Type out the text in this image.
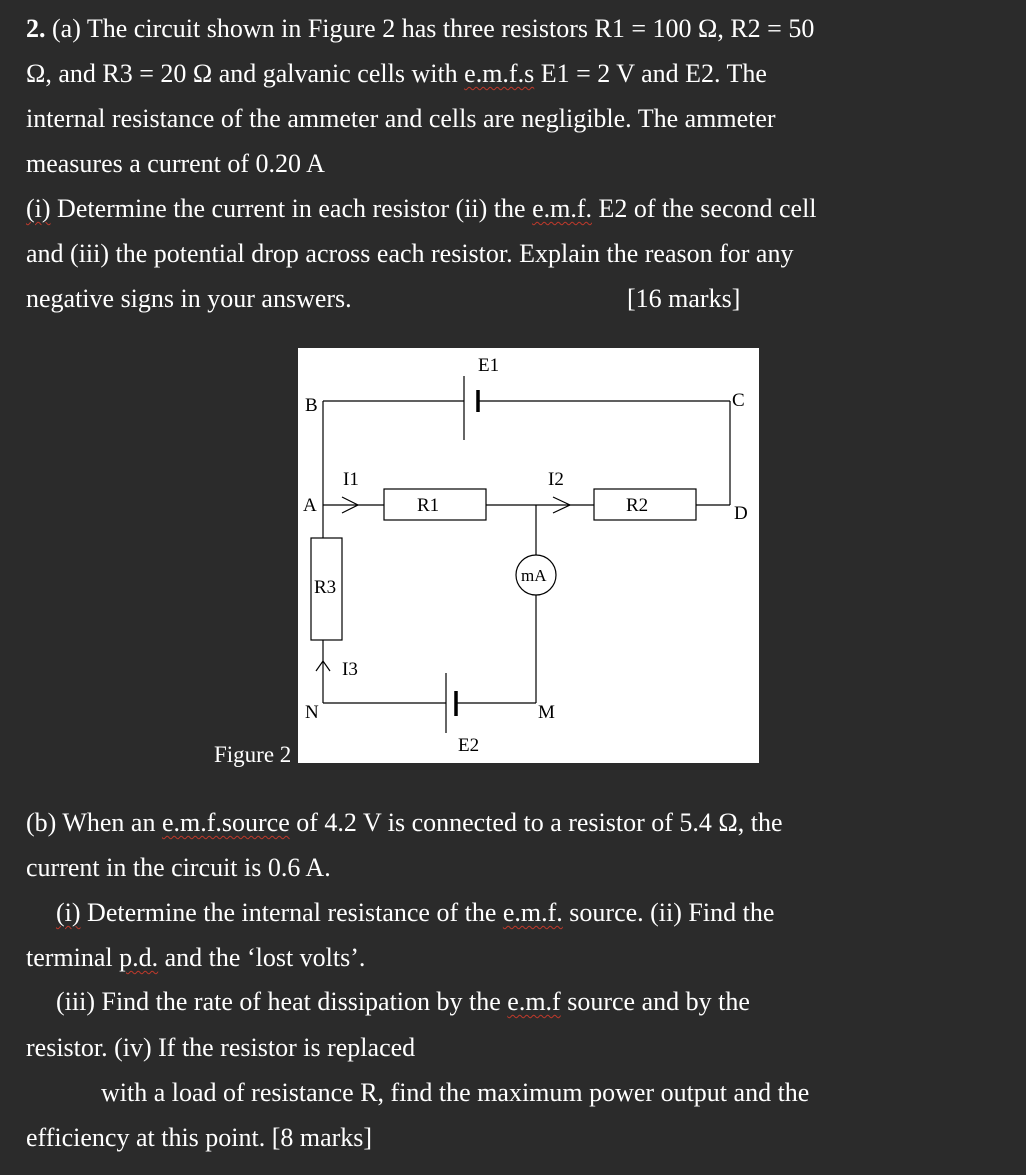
2. (a) The circuit shown in Figure 2 has three resistors R1 = 100 Ω, R2 = 50
Ω, and R3 = 20 Ω and galvanic cells with e.m.f.s E1 = 2 V and E2. The
internal resistance of the ammeter and cells are negligible. The ammeter
measures a current of 0.20 A
(i) Determine the current in each resistor (ii) the e.m.f. E2 of the second cell
and (iii) the potential drop across each resistor. Explain the reason for any
negative signs in your answers.	[16 marks]
Figure 2
B	C
A	D
N	M
E1
E2
I1	I2
I3
R1	R2
R3
mA
(b) When an e.m.f.source of 4.2 V is connected to a resistor of 5.4 Ω, the
current in the circuit is 0.6 A.
(i) Determine the internal resistance of the e.m.f. source. (ii) Find the
terminal p.d. and the ‘lost volts’.
(iii) Find the rate of heat dissipation by the e.m.f source and by the
resistor. (iv) If the resistor is replaced
with a load of resistance R, find the maximum power output and the
efficiency at this point. [8 marks]
